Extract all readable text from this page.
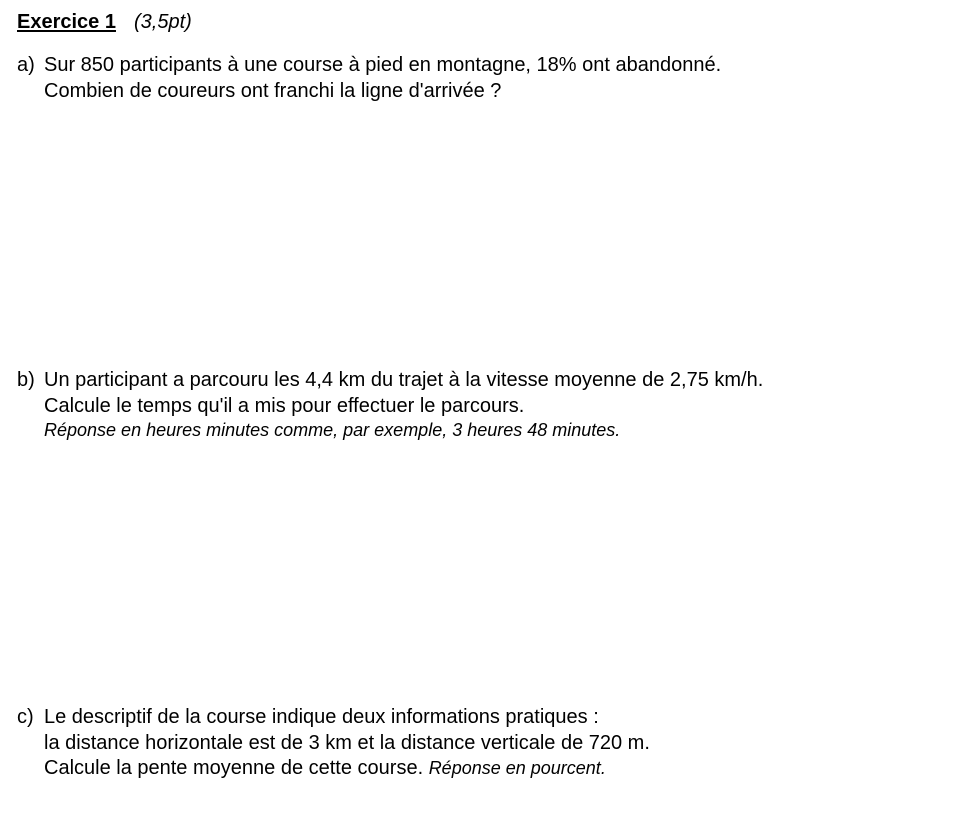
Exercice 1 (3,5pt)
a) Sur 850 participants à une course à pied en montagne, 18% ont abandonné.
Combien de coureurs ont franchi la ligne d'arrivée ?
b) Un participant a parcouru les 4,4 km du trajet à la vitesse moyenne de 2,75 km/h.
Calcule le temps qu'il a mis pour effectuer le parcours.
Réponse en heures minutes comme, par exemple, 3 heures 48 minutes.
c) Le descriptif de la course indique deux informations pratiques :
la distance horizontale est de 3 km et la distance verticale de 720 m.
Calcule la pente moyenne de cette course. Réponse en pourcent.
